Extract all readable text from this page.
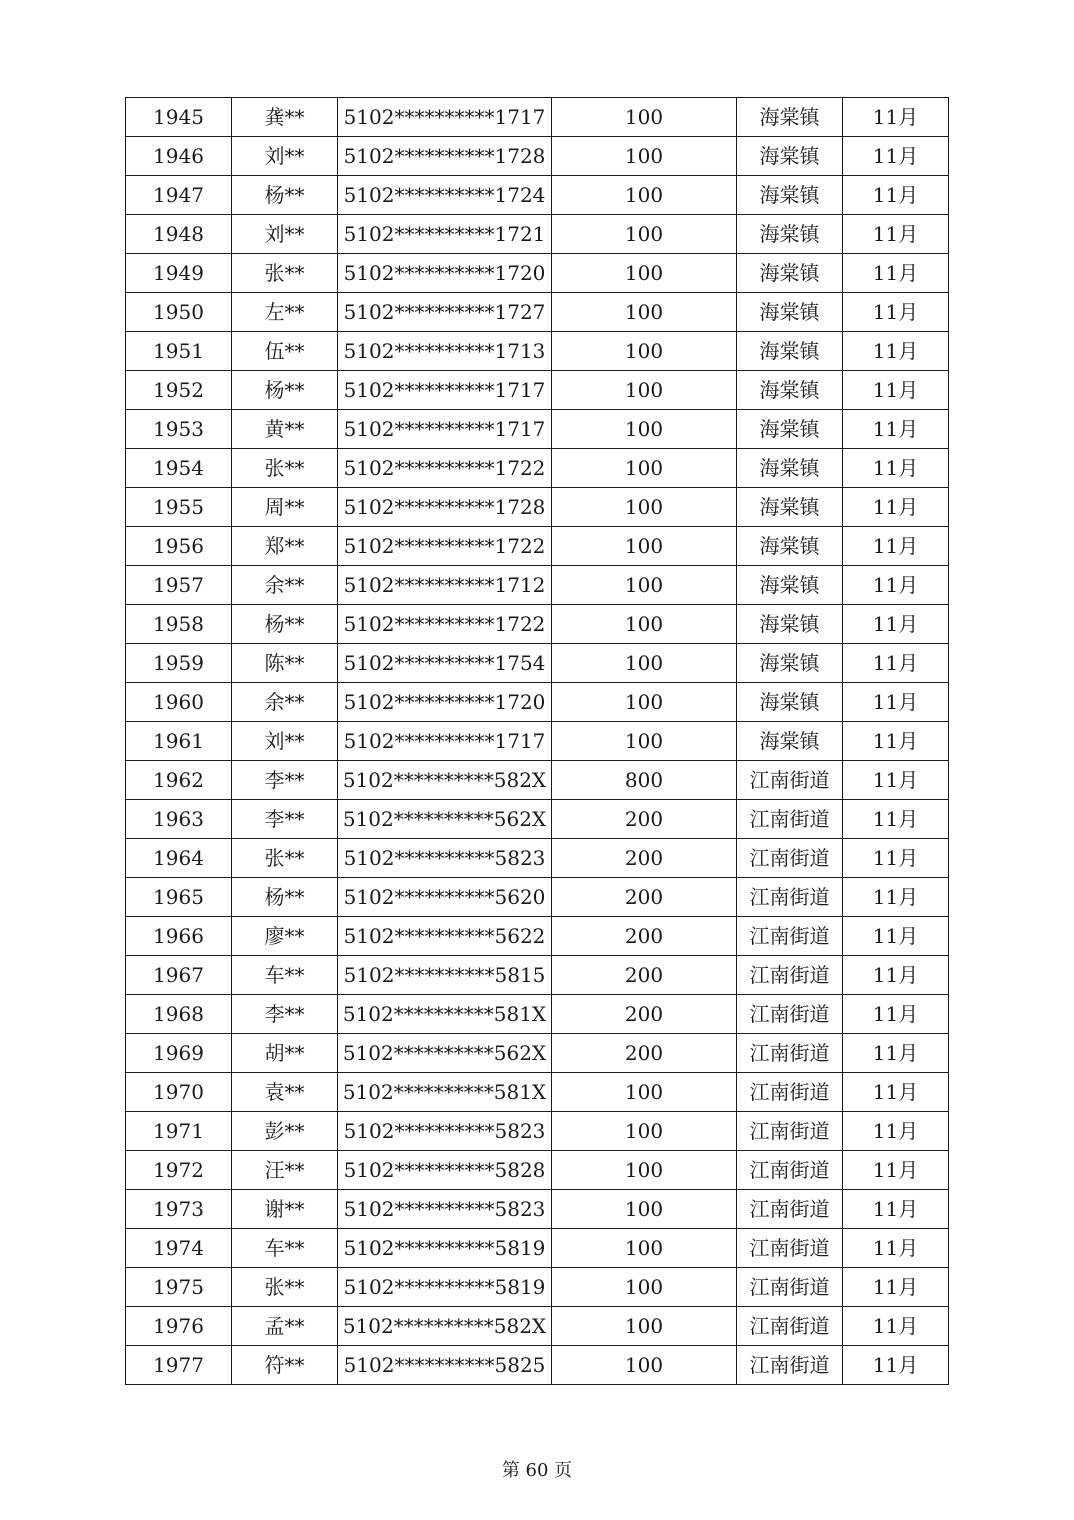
1945	龚**	5102**********1717	100	海棠镇	11月
1946	刘**	5102**********1728	100	海棠镇	11月
1947	杨**	5102**********1724	100	海棠镇	11月
1948	刘**	5102**********1721	100	海棠镇	11月
1949	张**	5102**********1720	100	海棠镇	11月
1950	左**	5102**********1727	100	海棠镇	11月
1951	伍**	5102**********1713	100	海棠镇	11月
1952	杨**	5102**********1717	100	海棠镇	11月
1953	黄**	5102**********1717	100	海棠镇	11月
1954	张**	5102**********1722	100	海棠镇	11月
1955	周**	5102**********1728	100	海棠镇	11月
1956	郑**	5102**********1722	100	海棠镇	11月
1957	余**	5102**********1712	100	海棠镇	11月
1958	杨**	5102**********1722	100	海棠镇	11月
1959	陈**	5102**********1754	100	海棠镇	11月
1960	余**	5102**********1720	100	海棠镇	11月
1961	刘**	5102**********1717	100	海棠镇	11月
1962	李**	5102**********582X	800	江南街道	11月
1963	李**	5102**********562X	200	江南街道	11月
1964	张**	5102**********5823	200	江南街道	11月
1965	杨**	5102**********5620	200	江南街道	11月
1966	廖**	5102**********5622	200	江南街道	11月
1967	车**	5102**********5815	200	江南街道	11月
1968	李**	5102**********581X	200	江南街道	11月
1969	胡**	5102**********562X	200	江南街道	11月
1970	袁**	5102**********581X	100	江南街道	11月
1971	彭**	5102**********5823	100	江南街道	11月
1972	汪**	5102**********5828	100	江南街道	11月
1973	谢**	5102**********5823	100	江南街道	11月
1974	车**	5102**********5819	100	江南街道	11月
1975	张**	5102**********5819	100	江南街道	11月
1976	孟**	5102**********582X	100	江南街道	11月
1977	符**	5102**********5825	100	江南街道	11月
第 60 页
